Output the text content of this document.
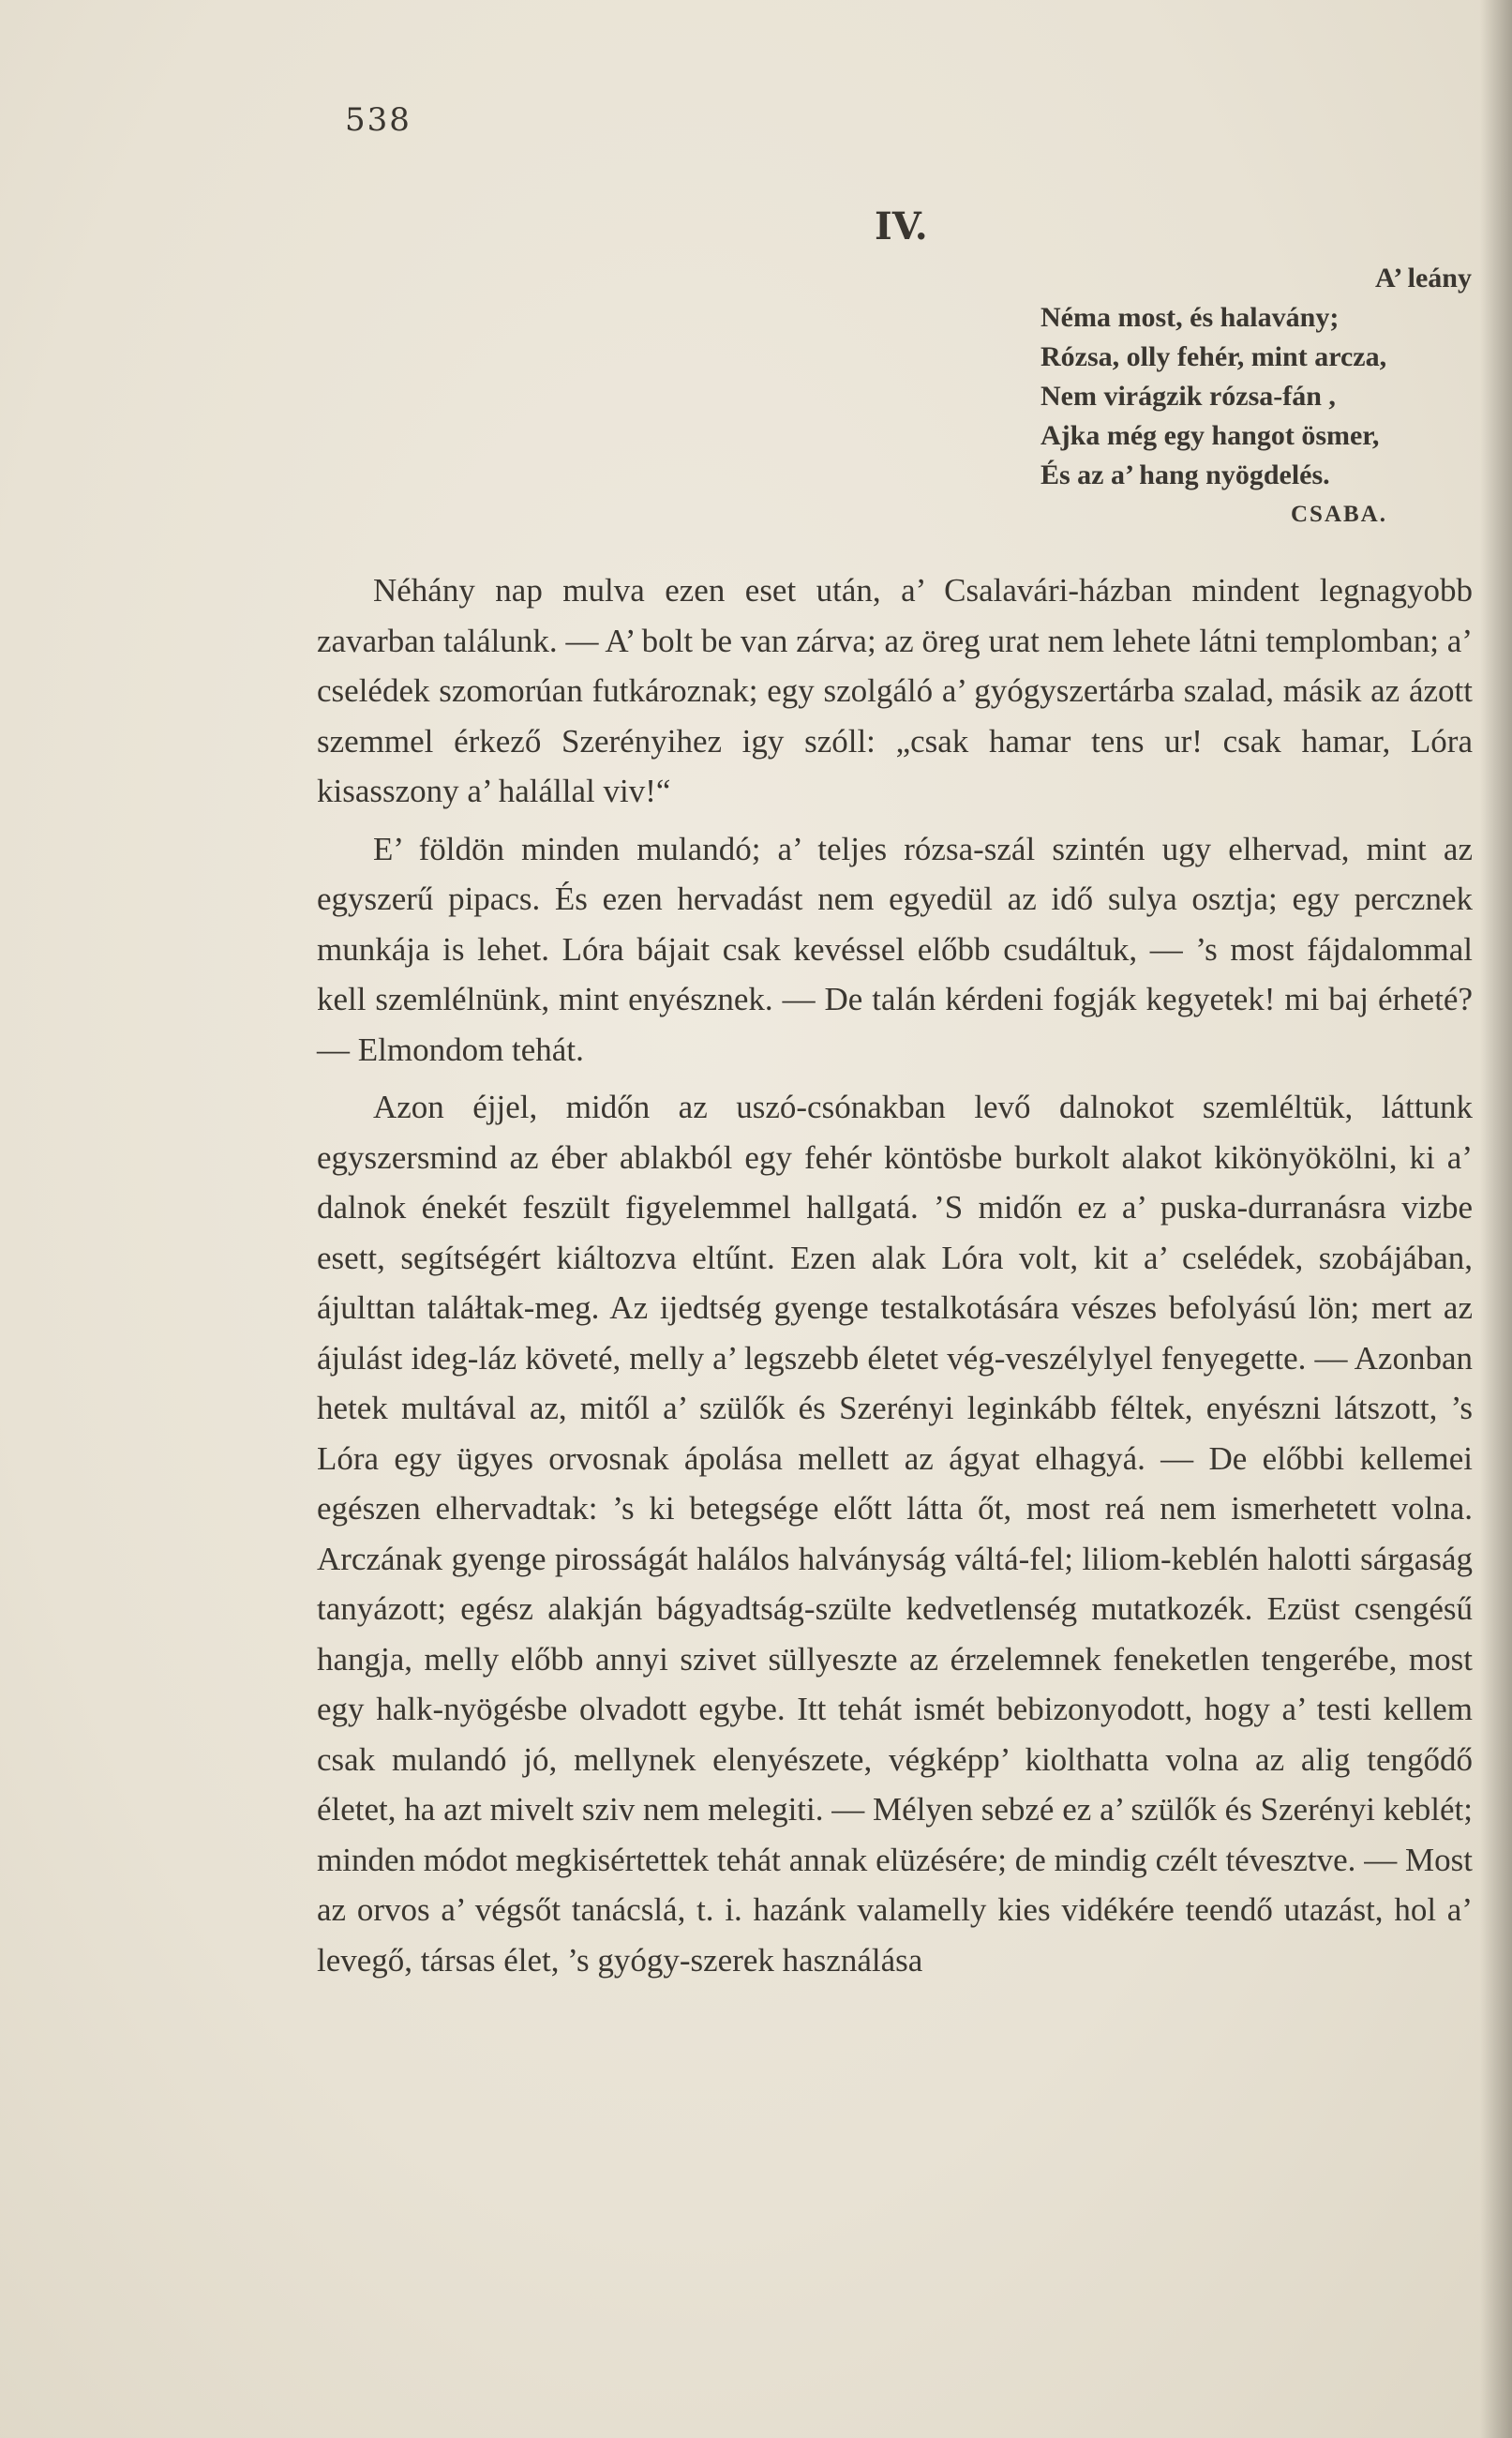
538
IV.
A’ leány
Néma most, és halavány;
Rózsa, olly fehér, mint arcza,
Nem virágzik rózsa-fán ,
Ajka még egy hangot ösmer,
És az a’ hang nyögdelés.
CSABA.

Néhány nap mulva ezen eset után, a’ Csalavári-házban mindent legnagyobb zavarban találunk. — A’ bolt be van zárva; az öreg urat nem lehete látni templomban; a’ cselédek szomorúan futkároznak; egy szolgáló a’ gyógyszertárba szalad, másik az ázott szemmel érkező Szerényihez igy szóll: „csak hamar tens ur! csak hamar, Lóra kisasszony a’ halállal viv!“

E’ földön minden mulandó; a’ teljes rózsa-szál szintén ugy elhervad, mint az egyszerű pipacs. És ezen hervadást nem egyedül az idő sulya osztja; egy percznek munkája is lehet. Lóra bájait csak kevéssel előbb csudáltuk, — ’s most fájdalommal kell szemlélnünk, mint enyésznek. — De talán kérdeni fogják kegyetek! mi baj érheté? — Elmondom tehát.

Azon éjjel, midőn az uszó-csónakban levő dalnokot szemléltük, láttunk egyszersmind az éber ablakból egy fehér köntösbe burkolt alakot kikönyökölni, ki a’ dalnok énekét feszült figyelemmel hallgatá. ’S midőn ez a’ puska-durranásra vizbe esett, segítségért kiáltozva eltűnt. Ezen alak Lóra volt, kit a’ cselédek, szobájában, ájulttan taláłtak-meg. Az ijedtség gyenge testalkotására vészes befolyású lön; mert az ájulást ideg-láz követé, melly a’ legszebb életet vég-veszélylyel fenyegette. — Azonban hetek multával az, mitől a’ szülők és Szerényi leginkább féltek, enyészni látszott, ’s Lóra egy ügyes orvosnak ápolása mellett az ágyat elhagyá. — De előbbi kellemei egészen elhervadtak: ’s ki betegsége előtt látta őt, most reá nem ismerhetett volna. Arczának gyenge pirosságát halálos halványság váltá-fel; liliom-keblén halotti sárgaság tanyázott; egész alakján bágyadtság-szülte kedvetlenség mutatkozék. Ezüst csengésű hangja, melly előbb annyi szivet süllyeszte az érzelemnek feneketlen tengerébe, most egy halk-nyögésbe olvadott egybe. Itt tehát ismét bebizonyodott, hogy a’ testi kellem csak mulandó jó, mellynek elenyészete, végképp’ kiolthatta volna az alig tengődő életet, ha azt mivelt sziv nem melegiti. — Mélyen sebzé ez a’ szülők és Szerényi keblét; minden módot megkisértettek tehát annak elüzésére; de mindig czélt tévesztve. — Most az orvos a’ végsőt tanácslá, t. i. hazánk valamelly kies vidékére teendő utazást, hol a’ levegő, társas élet, ’s gyógy-szerek használása
